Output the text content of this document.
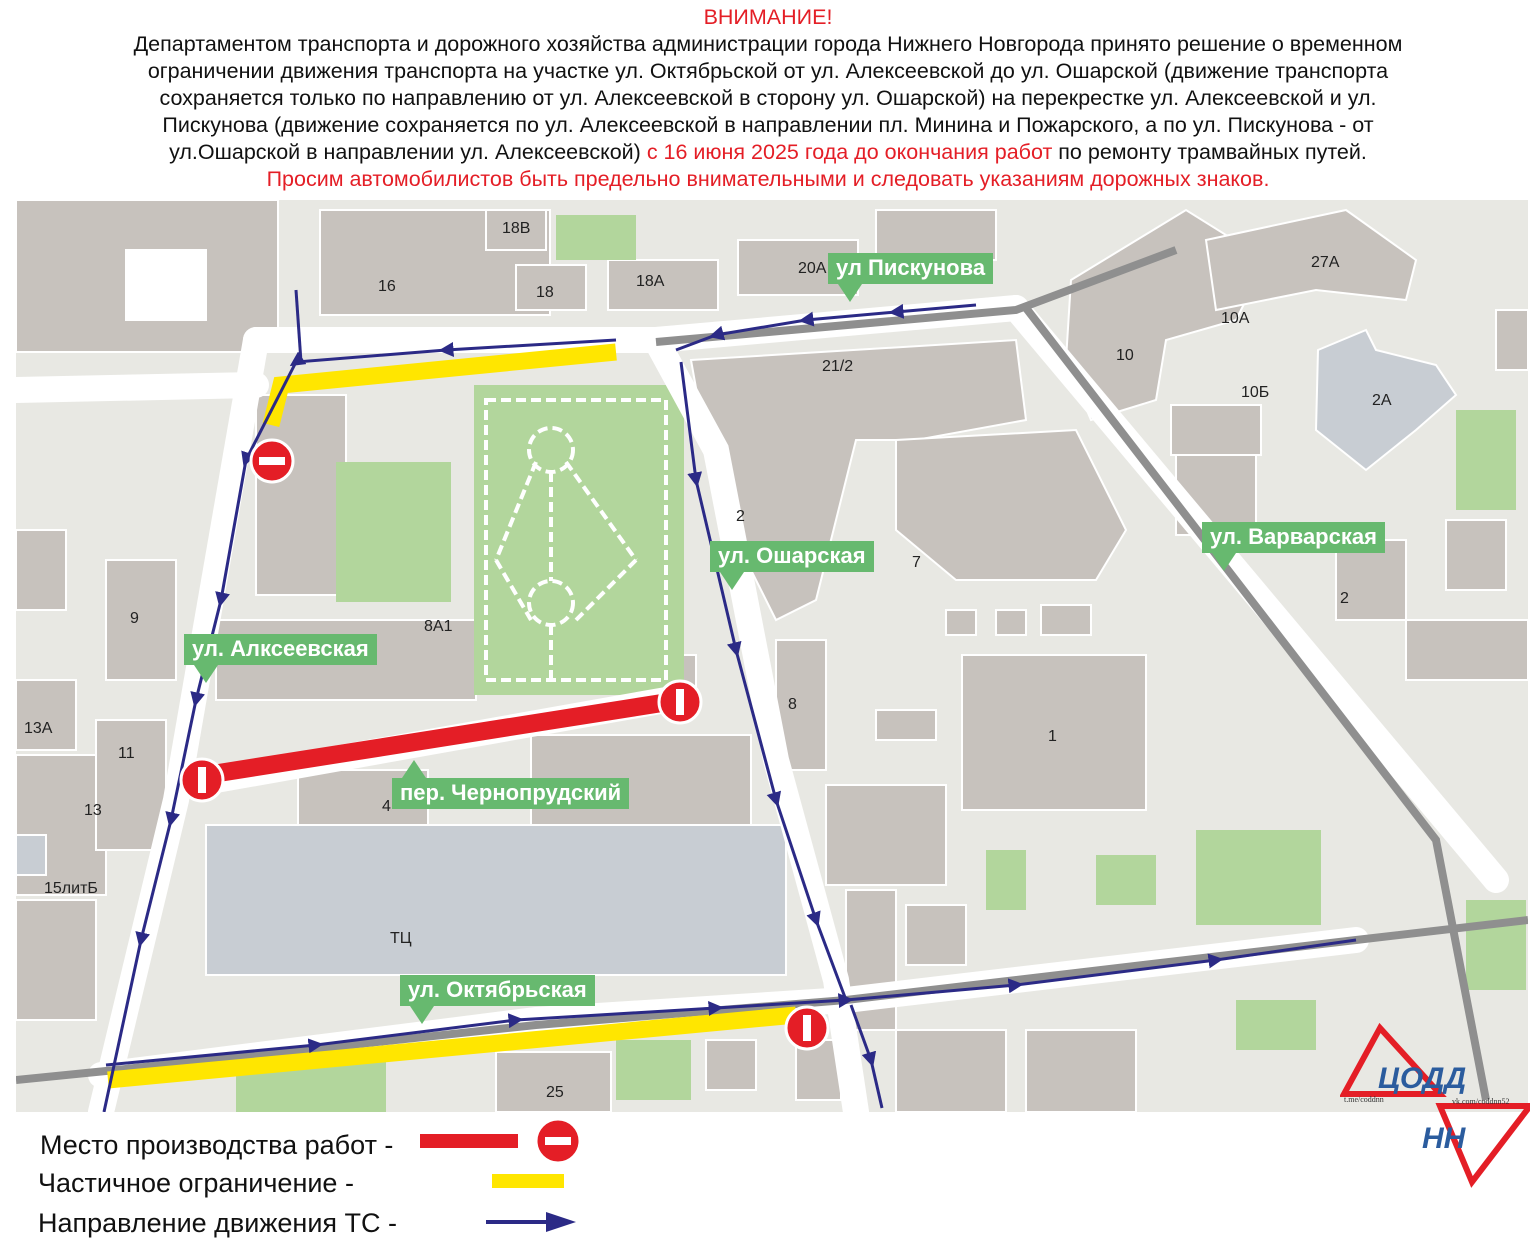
ВНИМАНИЕ!
Департаментом транспорта и дорожного хозяйства администрации города Нижнего Новгорода принято решение о временном
ограничении движения транспорта на участке ул. Октябрьской от ул. Алексеевской до ул. Ошарской (движение транспорта
сохраняется только по направлению от ул. Алексеевской в сторону ул. Ошарской) на перекрестке ул. Алексеевской и ул.
Пискунова (движение сохраняется по ул. Алексеевской в направлении пл. Минина и Пожарского, а по ул. Пискунова - от
ул.Ошарской в направлении ул. Алексеевской) с 16 июня 2025 года до окончания работ по ремонту трамвайных путей.
Просим автомобилистов быть предельно внимательными и следовать указаниям дорожных знаков.
18В
16	18
18А
20А	27А
10А
10
21/2
10Б	2А
2
7
9	8А1
2
13А
11
8
1
13	4
15литБ
ТЦ
25
ул Пискунова
ул. Ошарская
ул. Варварская
ул. Алксеевская
пер. Чернопрудский
ул. Октябрьская
Место производства работ -
Частичное ограничение -
Направление движения ТС -
ЦОДД
t.me/coddnn	vk.com/coddnn52
НН
